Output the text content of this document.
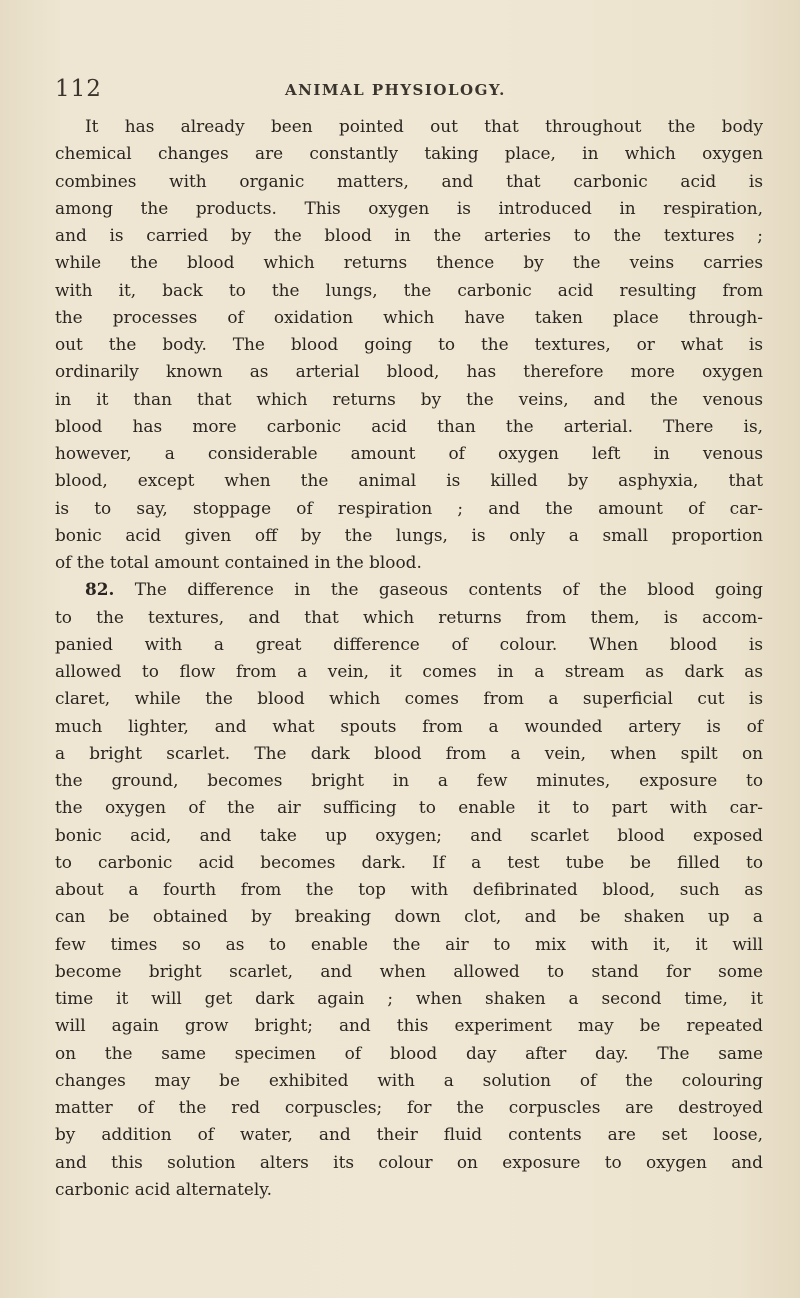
112	ANIMAL PHYSIOLOGY.
It has already been pointed out that throughout the body
chemical changes are constantly taking place, in which oxygen
combines with organic matters, and that carbonic acid is
among the products. This oxygen is introduced in respiration,
and is carried by the blood in the arteries to the textures ;
while the blood which returns thence by the veins carries
with it, back to the lungs, the carbonic acid resulting from
the processes of oxidation which have taken place through-
out the body. The blood going to the textures, or what is
ordinarily known as arterial blood, has therefore more oxygen
in it than that which returns by the veins, and the venous
blood has more carbonic acid than the arterial. There is,
however, a considerable amount of oxygen left in venous
blood, except when the animal is killed by asphyxia, that
is to say, stoppage of respiration ; and the amount of car-
bonic acid given off by the lungs, is only a small proportion
of the total amount contained in the blood.
82. The difference in the gaseous contents of the blood going
to the textures, and that which returns from them, is accom-
panied with a great difference of colour. When blood is
allowed to flow from a vein, it comes in a stream as dark as
claret, while the blood which comes from a superficial cut is
much lighter, and what spouts from a wounded artery is of
a bright scarlet. The dark blood from a vein, when spilt on
the ground, becomes bright in a few minutes, exposure to
the oxygen of the air sufficing to enable it to part with car-
bonic acid, and take up oxygen; and scarlet blood exposed
to carbonic acid becomes dark. If a test tube be filled to
about a fourth from the top with defibrinated blood, such as
can be obtained by breaking down clot, and be shaken up a
few times so as to enable the air to mix with it, it will
become bright scarlet, and when allowed to stand for some
time it will get dark again ; when shaken a second time, it
will again grow bright; and this experiment may be repeated
on the same specimen of blood day after day. The same
changes may be exhibited with a solution of the colouring
matter of the red corpuscles; for the corpuscles are destroyed
by addition of water, and their fluid contents are set loose,
and this solution alters its colour on exposure to oxygen and
carbonic acid alternately.
